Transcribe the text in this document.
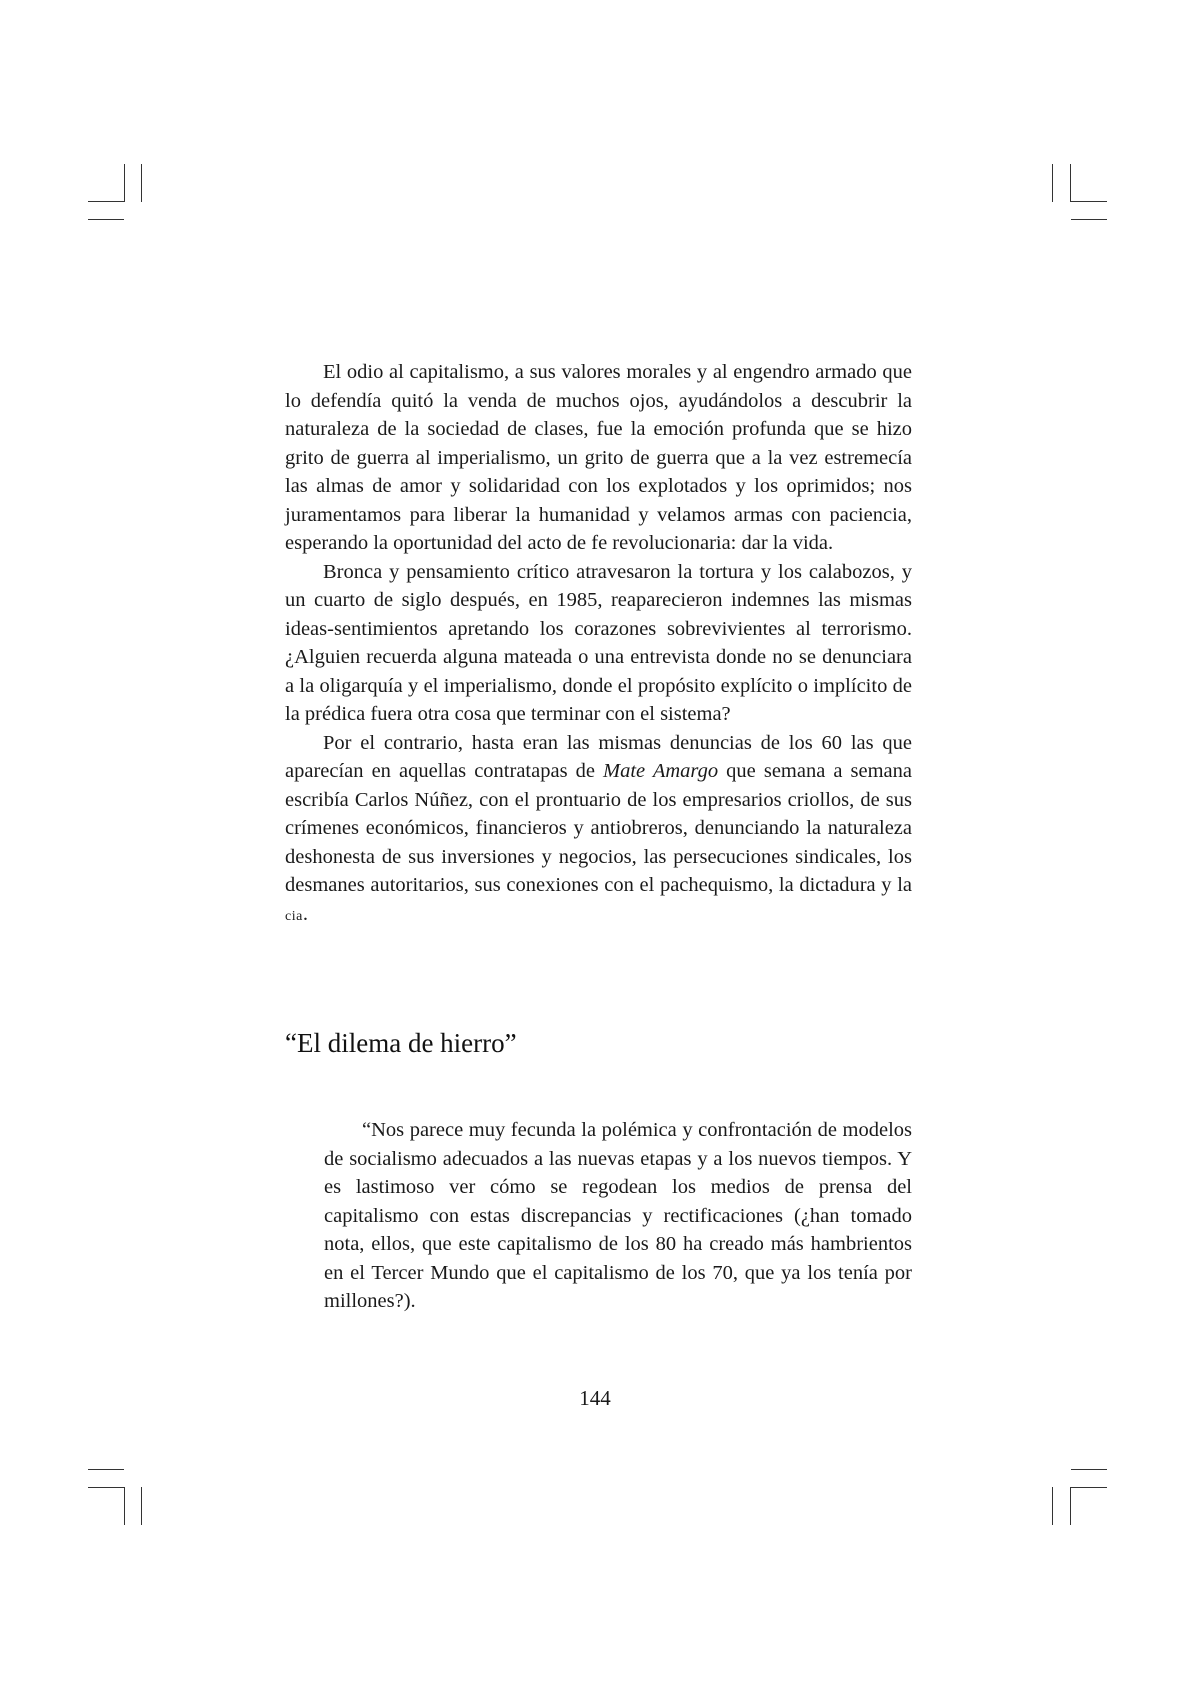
El odio al capitalismo, a sus valores morales y al engendro armado que lo defendía quitó la venda de muchos ojos, ayudándolos a descubrir la naturaleza de la sociedad de clases, fue la emoción profunda que se hizo grito de guerra al imperialismo, un grito de guerra que a la vez estremecía las almas de amor y solidaridad con los explotados y los oprimidos; nos juramentamos para liberar la humanidad y velamos armas con paciencia, esperando la oportunidad del acto de fe revolucionaria: dar la vida.

Bronca y pensamiento crítico atravesaron la tortura y los calabozos, y un cuarto de siglo después, en 1985, reaparecieron indemnes las mismas ideas-sentimientos apretando los corazones sobrevivientes al terrorismo. ¿Alguien recuerda alguna mateada o una entrevista donde no se denunciara a la oligarquía y el imperialismo, donde el propósito explícito o implícito de la prédica fuera otra cosa que terminar con el sistema?

Por el contrario, hasta eran las mismas denuncias de los 60 las que aparecían en aquellas contratapas de Mate Amargo que semana a semana escribía Carlos Núñez, con el prontuario de los empresarios criollos, de sus crímenes económicos, financieros y antiobreros, denunciando la naturaleza deshonesta de sus inversiones y negocios, las persecuciones sindicales, los desmanes autoritarios, sus conexiones con el pachequismo, la dictadura y la cia.

“El dilema de hierro”

“Nos parece muy fecunda la polémica y confrontación de modelos de socialismo adecuados a las nuevas etapas y a los nuevos tiempos. Y es lastimoso ver cómo se regodean los medios de prensa del capitalismo con estas discrepancias y rectificaciones (¿han tomado nota, ellos, que este capitalismo de los 80 ha creado más hambrientos en el Tercer Mundo que el capitalismo de los 70, que ya los tenía por millones?).

144
